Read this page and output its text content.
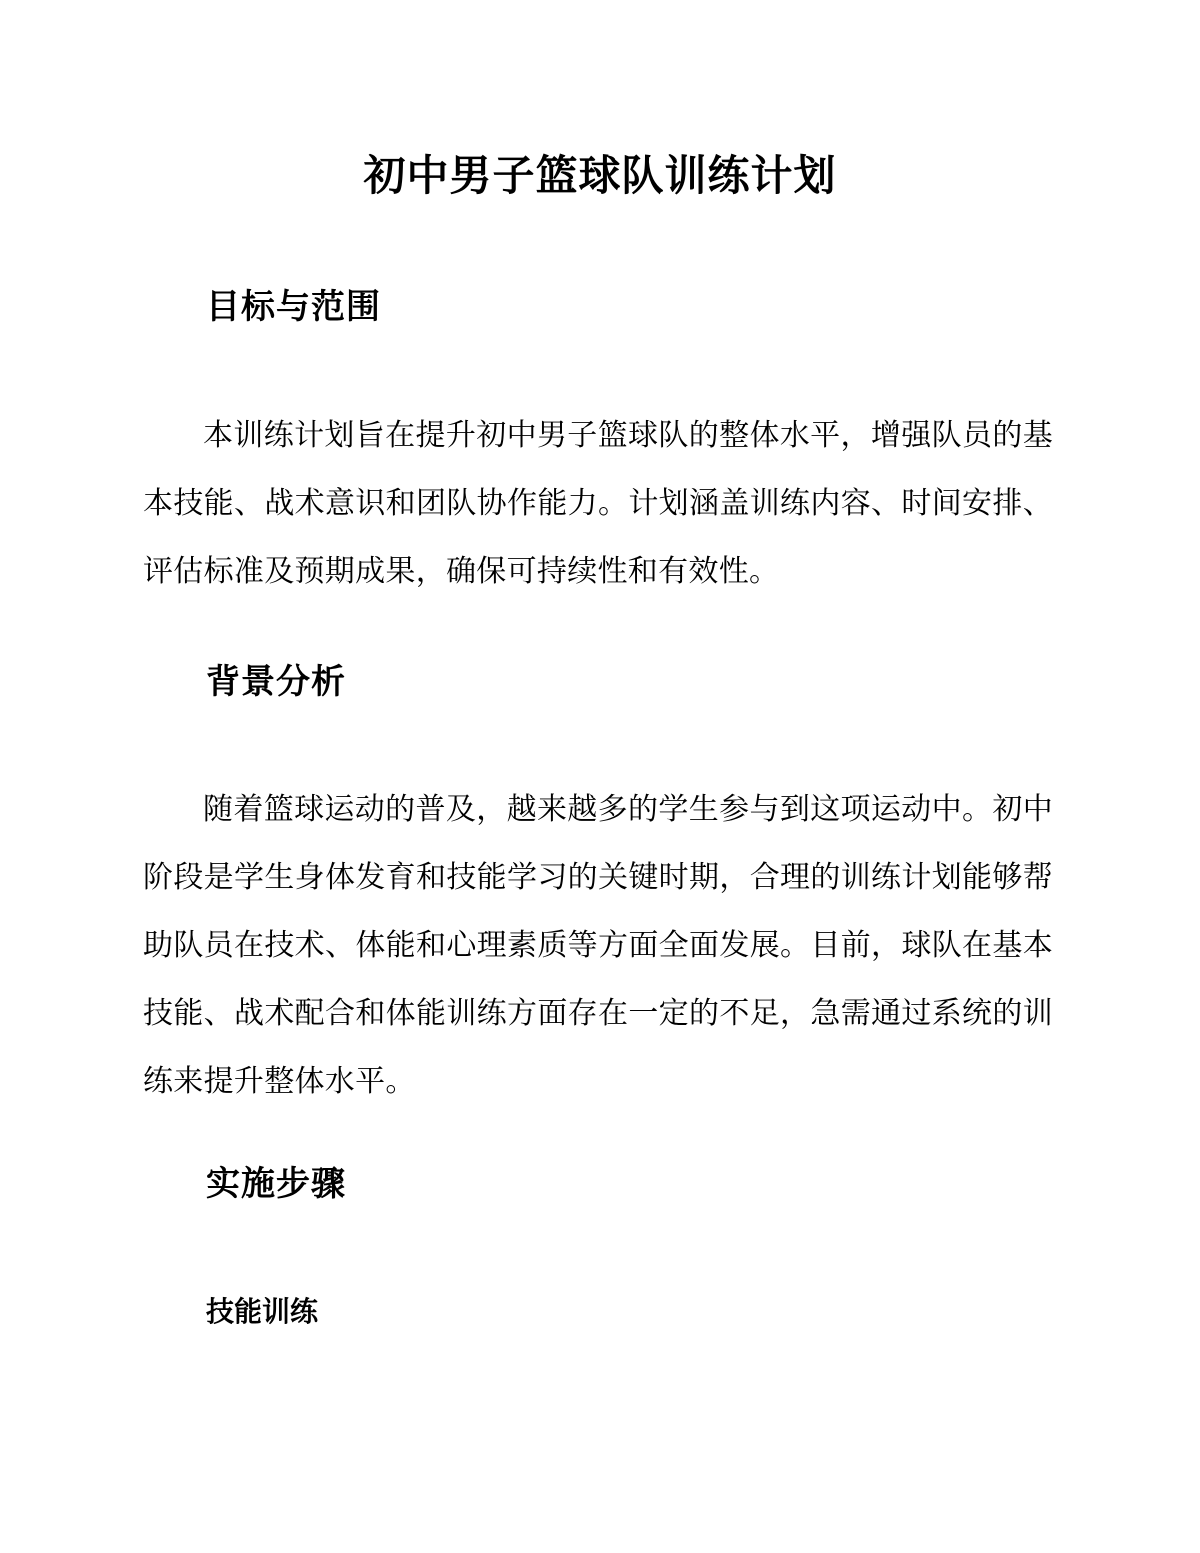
初中男子篮球队训练计划
目标与范围

本训练计划旨在提升初中男子篮球队的整体水平，增强队员的基本技能、战术意识和团队协作能力。计划涵盖训练内容、时间安排、评估标准及预期成果，确保可持续性和有效性。

背景分析

随着篮球运动的普及，越来越多的学生参与到这项运动中。初中阶段是学生身体发育和技能学习的关键时期，合理的训练计划能够帮助队员在技术、体能和心理素质等方面全面发展。目前，球队在基本技能、战术配合和体能训练方面存在一定的不足，急需通过系统的训练来提升整体水平。

实施步骤
技能训练
